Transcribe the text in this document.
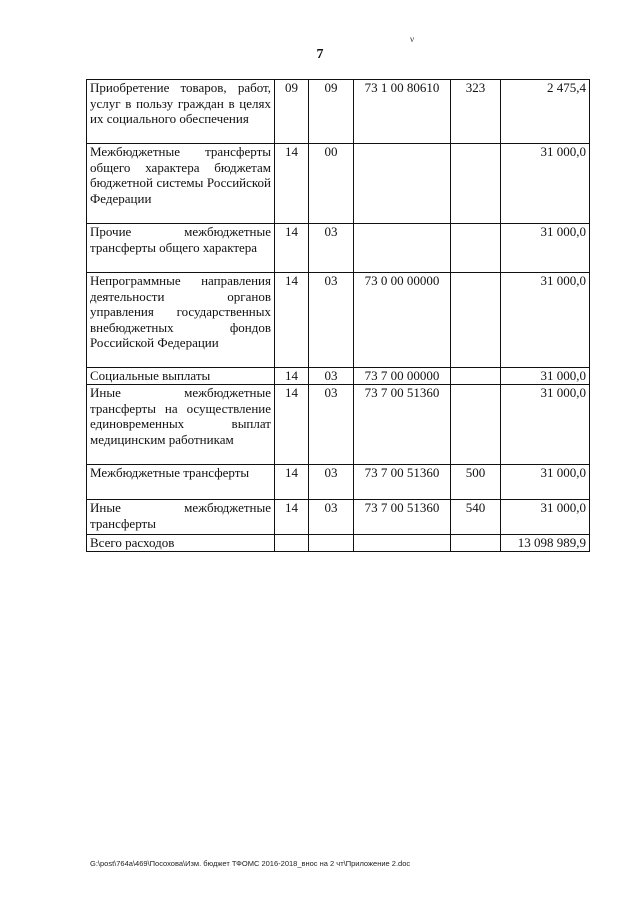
ν
7
Приобретение товаров, работ, услуг в пользу граждан в целях их социального обеспечения	09	09	73 1 00 80610	323	2 475,4
Межбюджетные трансферты общего характера бюджетам бюджетной системы Российской Федерации	14	00			31 000,0
Прочие межбюджетные трансферты общего характера	14	03			31 000,0
Непрограммные направления деятельности органов управления государственных внебюджетных фондов Российской Федерации	14	03	73 0 00 00000		31 000,0
Социальные выплаты	14	03	73 7 00 00000		31 000,0
Иные межбюджетные трансферты на осуществление единовременных выплат медицинским работникам	14	03	73 7 00 51360		31 000,0
Межбюджетные трансферты	14	03	73 7 00 51360	500	31 000,0
Иные межбюджетные трансферты	14	03	73 7 00 51360	540	31 000,0
Всего расходов					13 098 989,9
G:\post\764a\469\Посохова\Изм. бюджет ТФОМС 2016-2018_внос на 2 чт\Приложение 2.doc
